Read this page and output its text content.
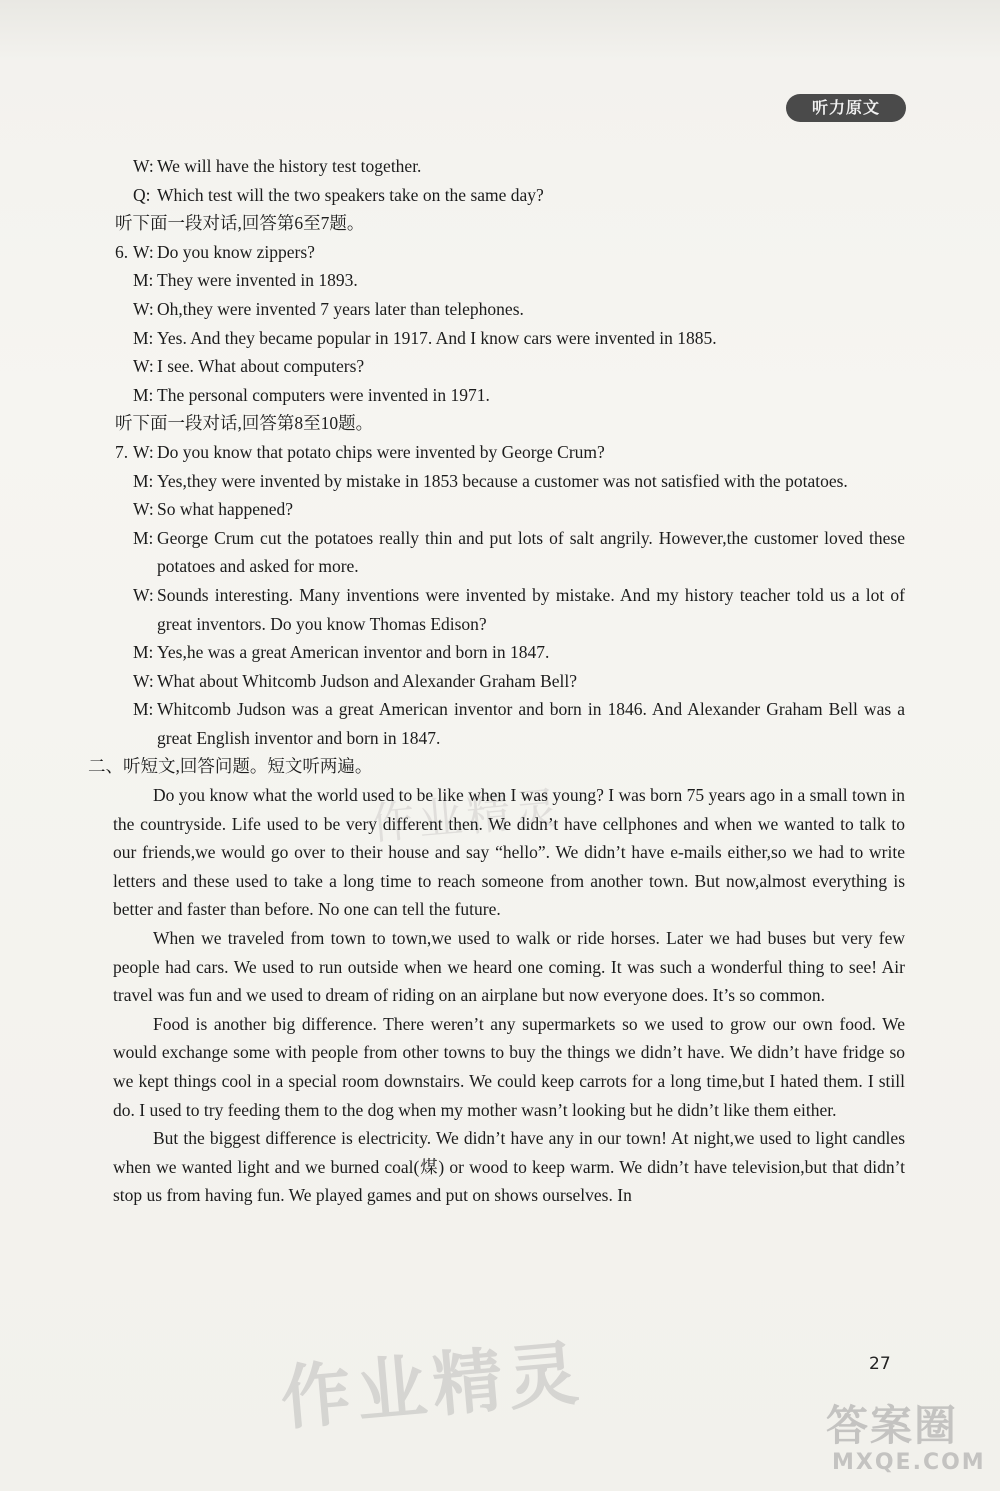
听力原文
作业精灵
W: We will have the history test together.
Q: Which test will the two speakers take on the same day?
听下面一段对话,回答第6至7题。
6. W: Do you know zippers?
M: They were invented in 1893.
W: Oh,they were invented 7 years later than telephones.
M: Yes. And they became popular in 1917. And I know cars were invented in 1885.
W: I see. What about computers?
M: The personal computers were invented in 1971.
听下面一段对话,回答第8至10题。
7. W: Do you know that potato chips were invented by George Crum?
M: Yes,they were invented by mistake in 1853 because a customer was not satisfied with the potatoes.
W: So what happened?
M: George Crum cut the potatoes really thin and put lots of salt angrily. However,the customer loved these potatoes and asked for more.
W: Sounds interesting. Many inventions were invented by mistake. And my history teacher told us a lot of great inventors. Do you know Thomas Edison?
M: Yes,he was a great American inventor and born in 1847.
W: What about Whitcomb Judson and Alexander Graham Bell?
M: Whitcomb Judson was a great American inventor and born in 1846. And Alexander Graham Bell was a great English inventor and born in 1847.
二、听短文,回答问题。短文听两遍。
Do you know what the world used to be like when I was young? I was born 75 years ago in a small town in the countryside. Life used to be very different then. We didn’t have cellphones and when we wanted to talk to our friends,we would go over to their house and say “hello”. We didn’t have e-mails either,so we had to write letters and these used to take a long time to reach someone from another town. But now,almost everything is better and faster than before. No one can tell the future.
When we traveled from town to town,we used to walk or ride horses. Later we had buses but very few people had cars. We used to run outside when we heard one coming. It was such a wonderful thing to see! Air travel was fun and we used to dream of riding on an airplane but now everyone does. It’s so common.
Food is another big difference. There weren’t any supermarkets so we used to grow our own food. We would exchange some with people from other towns to buy the things we didn’t have. We didn’t have fridge so we kept things cool in a special room downstairs. We could keep carrots for a long time,but I hated them. I still do. I used to try feeding them to the dog when my mother wasn’t looking but he didn’t like them either.
But the biggest difference is electricity. We didn’t have any in our town! At night,we used to light candles when we wanted light and we burned coal(煤) or wood to keep warm. We didn’t have television,but that didn’t stop us from having fun. We played games and put on shows ourselves. In
27
作业精灵	答案圈
MXQE.COM
